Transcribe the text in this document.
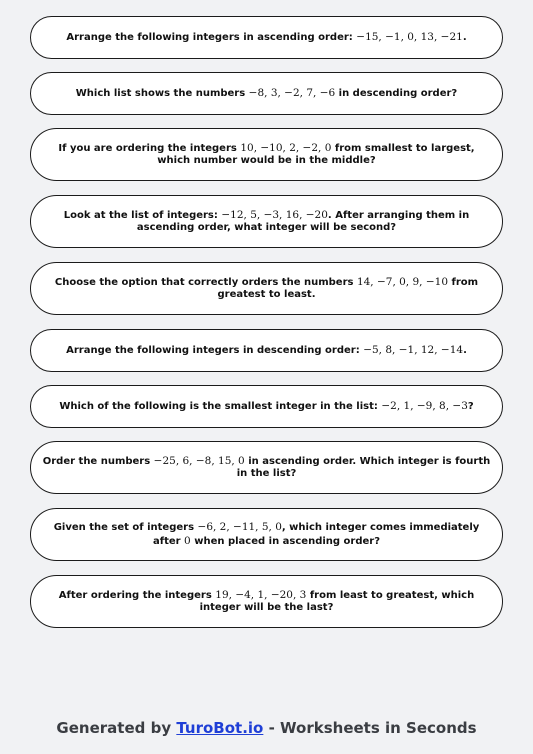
Arrange the following integers in ascending order: −15, −1, 0, 13, −21.
Which list shows the numbers −8, 3, −2, 7, −6 in descending order?
If you are ordering the integers 10, −10, 2, −2, 0 from smallest to largest, which number would be in the middle?
Look at the list of integers: −12, 5, −3, 16, −20. After arranging them in ascending order, what integer will be second?
Choose the option that correctly orders the numbers 14, −7, 0, 9, −10 from greatest to least.
Arrange the following integers in descending order: −5, 8, −1, 12, −14.
Which of the following is the smallest integer in the list: −2, 1, −9, 8, −3?
Order the numbers −25, 6, −8, 15, 0 in ascending order. Which integer is fourth in the list?
Given the set of integers −6, 2, −11, 5, 0, which integer comes immediately after 0 when placed in ascending order?
After ordering the integers 19, −4, 1, −20, 3 from least to greatest, which integer will be the last?
Generated by TuroBot.io - Worksheets in Seconds
